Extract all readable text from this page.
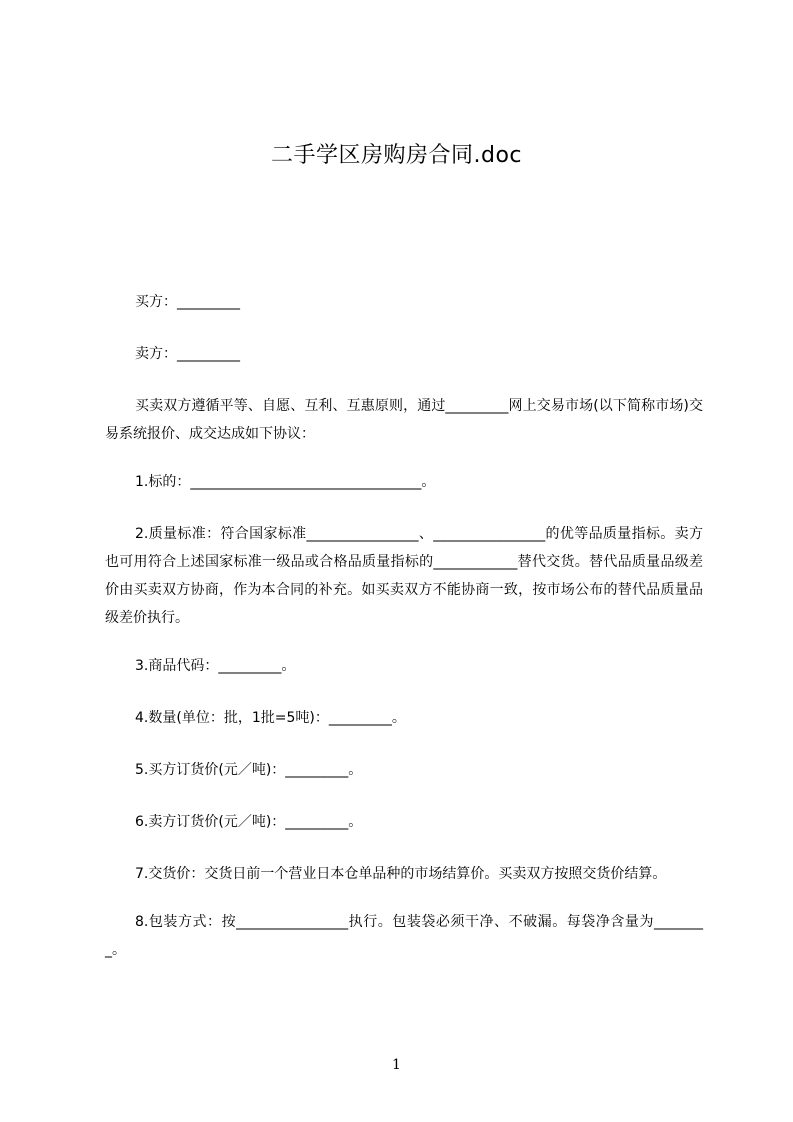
二手学区房购房合同.doc

买方：_________

卖方：_________

买卖双方遵循平等、自愿、互利、互惠原则，通过_________网上交易市场(以下简称市场)交易系统报价、成交达成如下协议：

1.标的：_________________________________。

2.质量标准：符合国家标准________________、________________的优等品质量指标。卖方也可用符合上述国家标准一级品或合格品质量指标的____________替代交货。替代品质量品级差价由买卖双方协商，作为本合同的补充。如买卖双方不能协商一致，按市场公布的替代品质量品级差价执行。

3.商品代码：_________。

4.数量(单位：批，1批=5吨)：_________。

5.买方订货价(元／吨)：_________。

6.卖方订货价(元／吨)：_________。

7.交货价：交货日前一个营业日本仓单品种的市场结算价。买卖双方按照交货价结算。

8.包装方式：按________________执行。包装袋必须干净、不破漏。每袋净含量为________。

1
